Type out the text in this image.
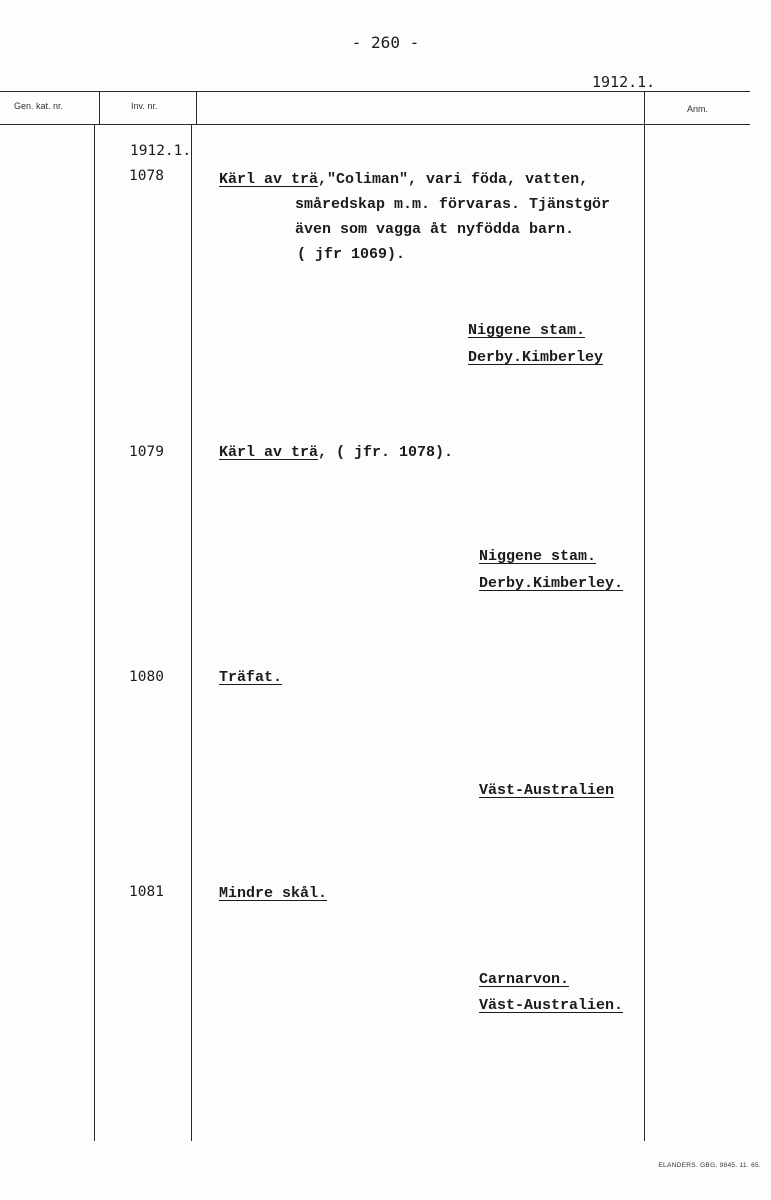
- 260 -
1912.1.
Gen. kat. nr.	Inv. nr.	Anm.
1912.1.
1078	Kärl av trä,"Coliman", vari föda, vatten,
småredskap m.m. förvaras. Tjänstgör
även som vagga åt nyfödda barn.
( jfr 1069).
Niggene stam.
Derby.Kimberley
1079	Kärl av trä, ( jfr. 1078).
Niggene stam.
Derby.Kimberley.
1080	Träfat.
Väst-Australien
1081	Mindre skål.
Carnarvon.
Väst-Australien.
ELANDERS. GBG. 9845. 11. 65.
